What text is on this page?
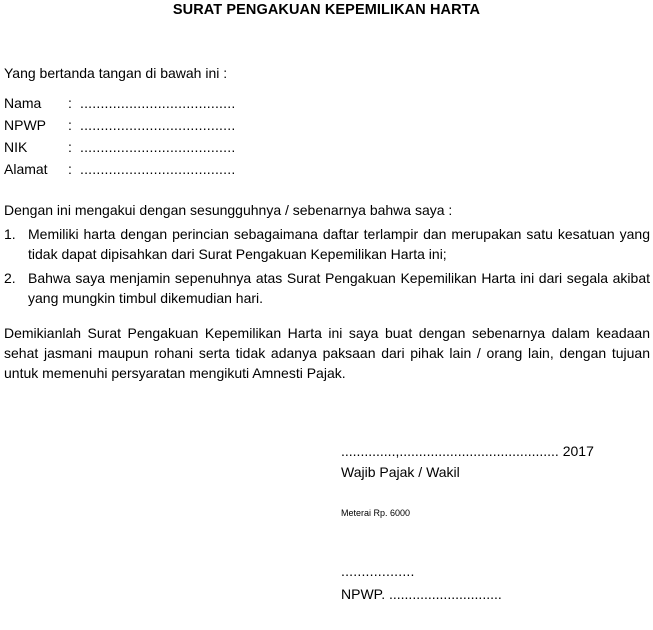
SURAT PENGAKUAN KEPEMILIKAN HARTA
Yang bertanda tangan di bawah ini :
Nama : ......................................
NPWP : ......................................
NIK	: ......................................
Alamat : ......................................
Dengan ini mengakui dengan sesungguhnya / sebenarnya bahwa saya :
1. Memiliki harta dengan perincian sebagaimana daftar terlampir dan merupakan satu kesatuan yang tidak dapat dipisahkan dari Surat Pengakuan Kepemilikan Harta ini;
2. Bahwa saya menjamin sepenuhnya atas Surat Pengakuan Kepemilikan Harta ini dari segala akibat yang mungkin timbul dikemudian hari.
Demikianlah Surat Pengakuan Kepemilikan Harta ini saya buat dengan sebenarnya dalam keadaan sehat jasmani maupun rohani serta tidak adanya paksaan dari pihak lain / orang lain, dengan tujuan untuk memenuhi persyaratan mengikuti Amnesti Pajak.
..............,......................................... 2017
Wajib Pajak / Wakil
Meterai Rp. 6000
..................
NPWP. .............................
